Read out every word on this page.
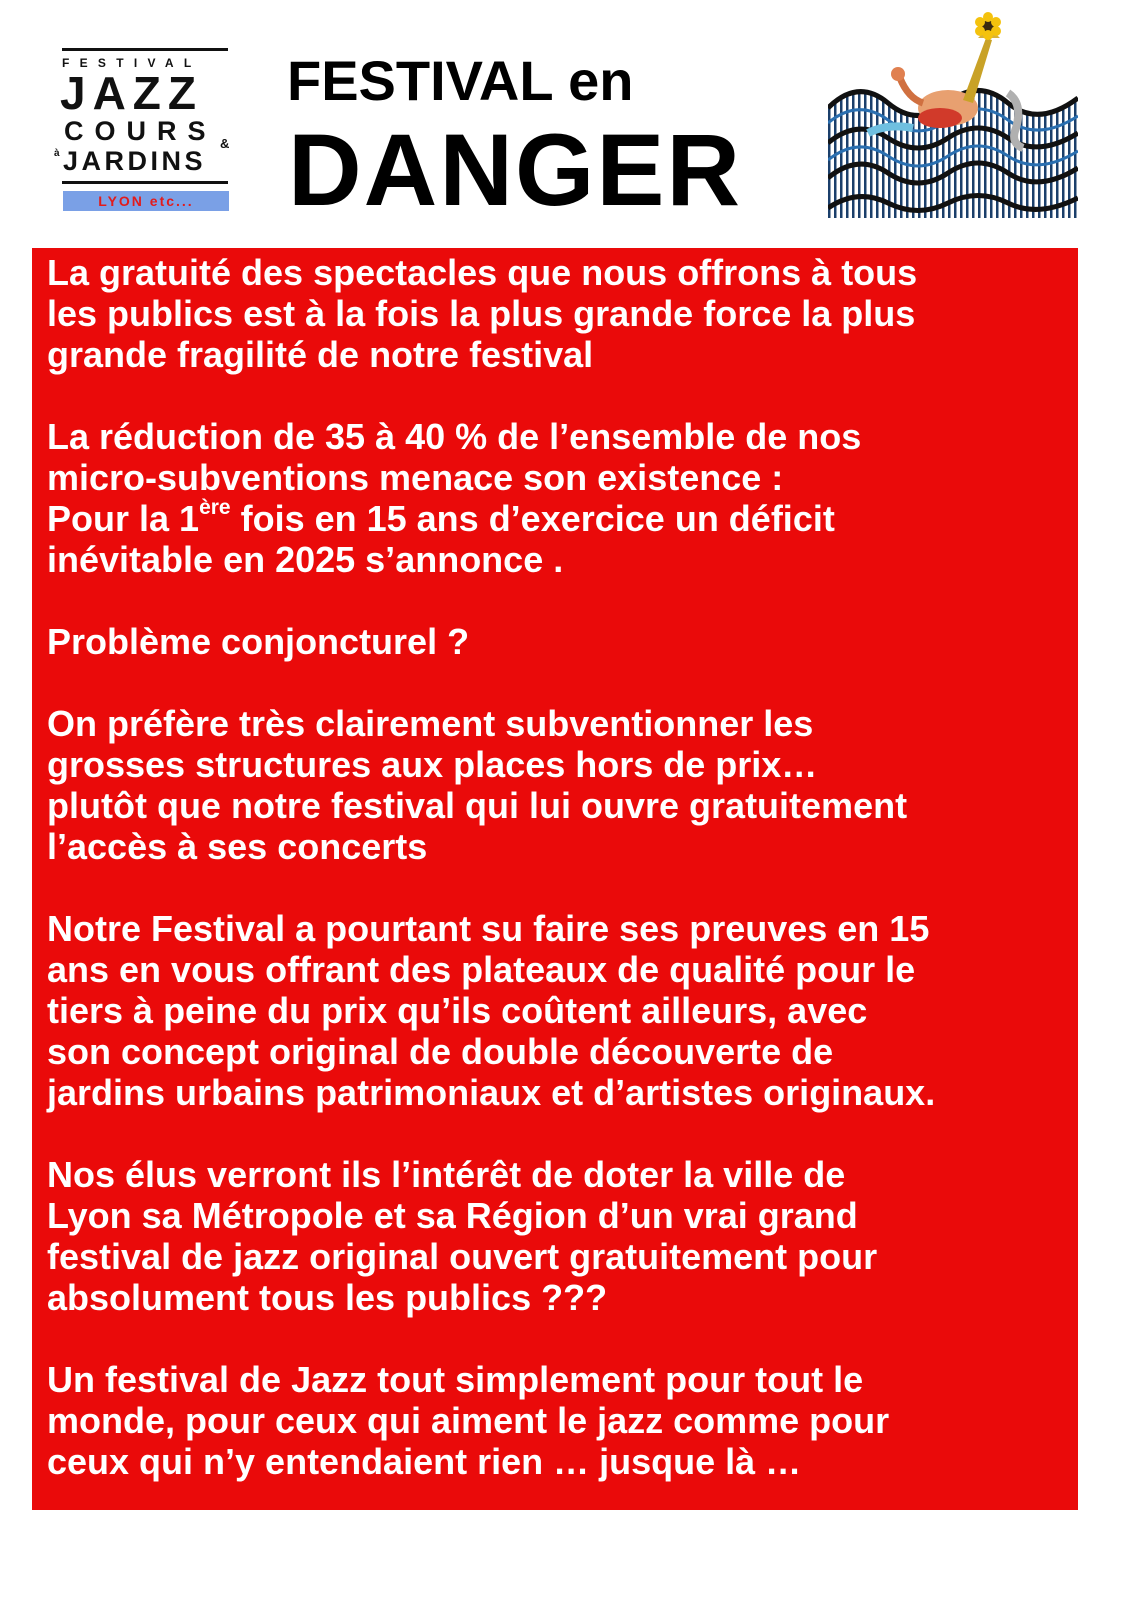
FESTIVAL
JAZZ
COURS &
à JARDINS
LYON etc...
FESTIVAL en
DANGER
La gratuité des spectacles que nous offrons à tous
les publics est à la fois la plus grande force la plus
grande fragilité de notre festival
La réduction de 35 à 40 % de l’ensemble de nos
micro-subventions menace son existence :
Pour la 1ère fois en 15 ans d’exercice un déficit
inévitable en 2025 s’annonce .
Problème conjoncturel ?
On préfère très clairement subventionner les
grosses structures aux places hors de prix…
plutôt que notre festival qui lui ouvre gratuitement
l’accès à ses concerts
Notre Festival a pourtant su faire ses preuves en 15
ans en vous offrant des plateaux de qualité pour le
tiers à peine du prix qu’ils coûtent ailleurs, avec
son concept original de double découverte de
jardins urbains patrimoniaux et d’artistes originaux.
Nos élus verront ils l’intérêt de doter la ville de
Lyon sa Métropole et sa Région d’un vrai grand
festival de jazz original ouvert gratuitement pour
absolument tous les publics ???
Un festival de Jazz tout simplement pour tout le
monde, pour ceux qui aiment le jazz comme pour
ceux qui n’y entendaient rien … jusque là …
